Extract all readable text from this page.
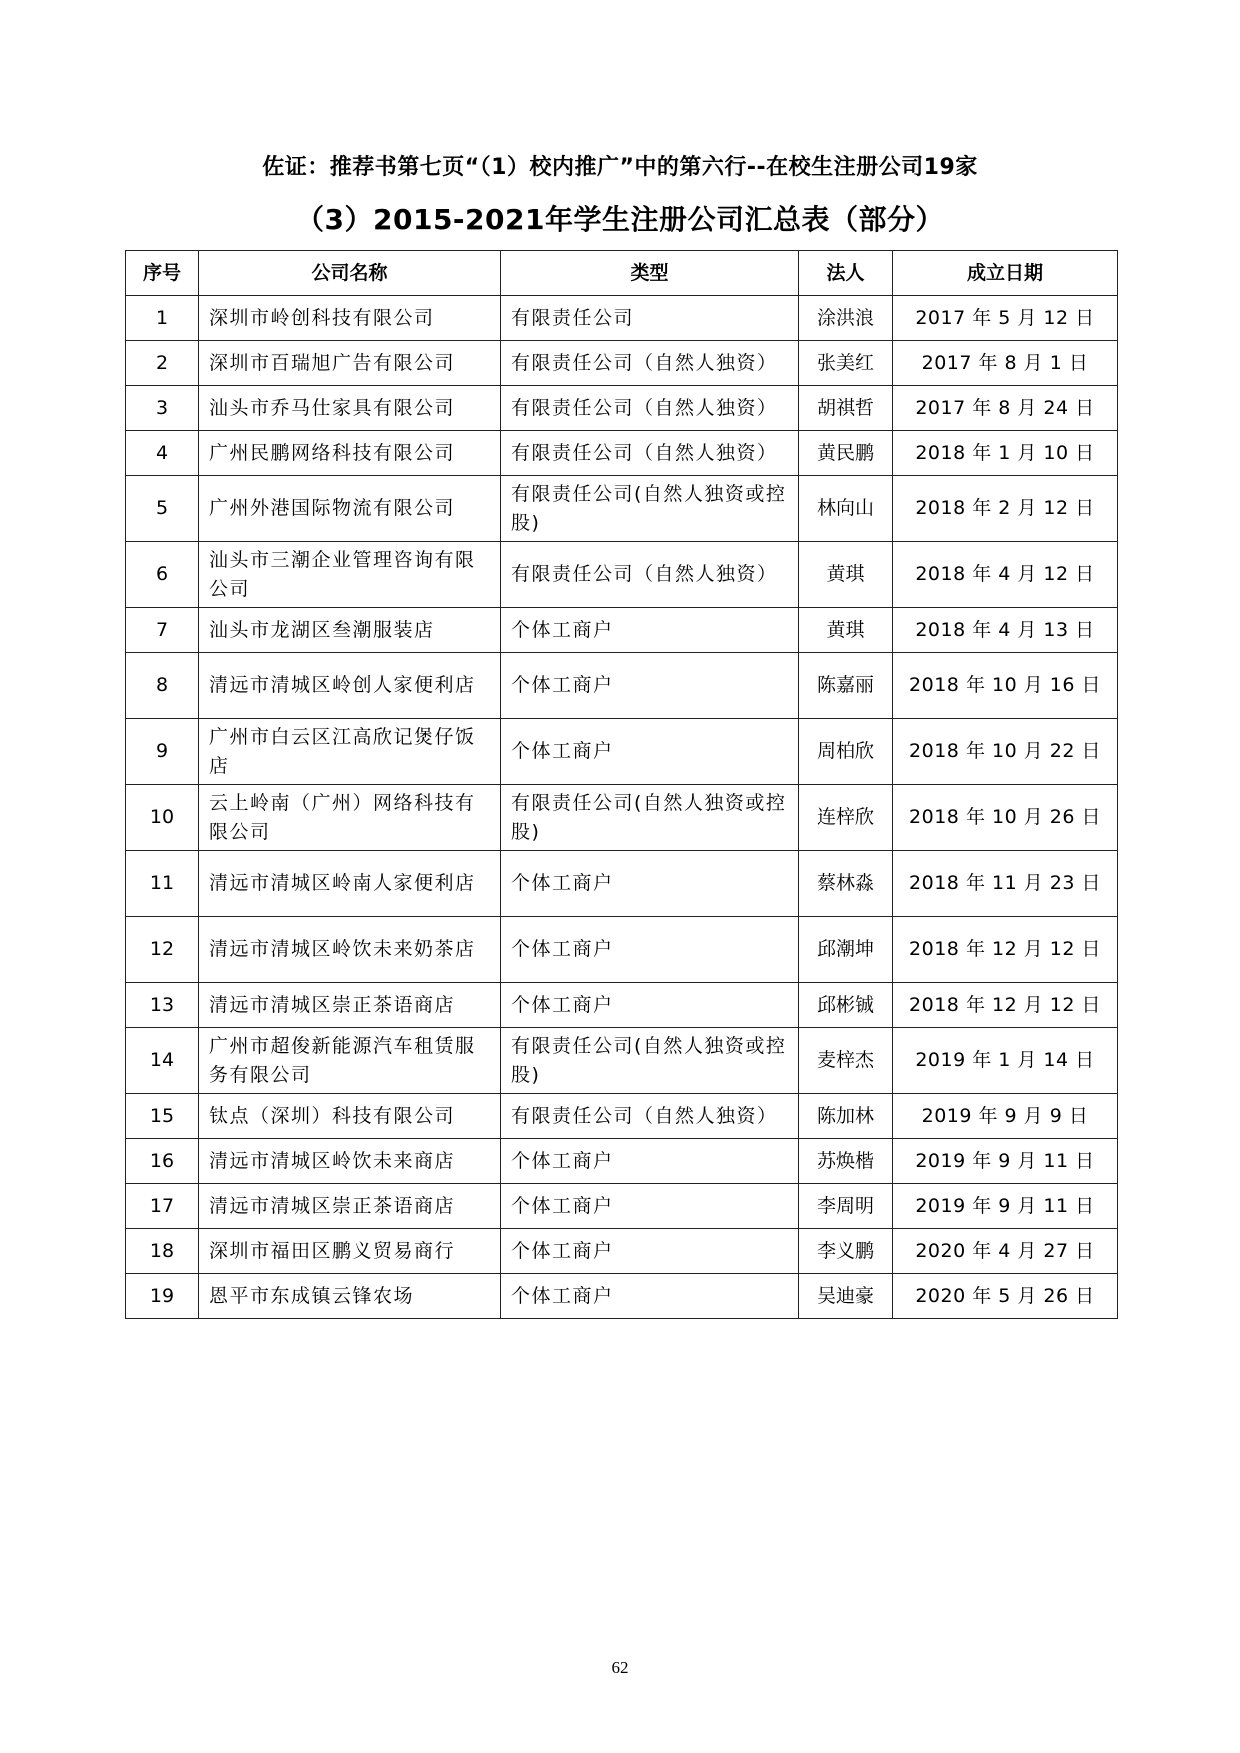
佐证：推荐书第七页“（1）校内推广”中的第六行--在校生注册公司19家
（3）2015-2021年学生注册公司汇总表（部分）
序号	公司名称	类型	法人	成立日期
1	深圳市岭创科技有限公司	有限责任公司	涂洪浪	2017 年 5 月 12 日
2	深圳市百瑞旭广告有限公司	有限责任公司（自然人独资）	张美红	2017 年 8 月 1 日
3	汕头市乔马仕家具有限公司	有限责任公司（自然人独资）	胡祺哲	2017 年 8 月 24 日
4	广州民鹏网络科技有限公司	有限责任公司（自然人独资）	黄民鹏	2018 年 1 月 10 日
5	广州外港国际物流有限公司	有限责任公司(自然人独资或控股)	林向山	2018 年 2 月 12 日
6	汕头市三潮企业管理咨询有限公司	有限责任公司（自然人独资）	黄琪	2018 年 4 月 12 日
7	汕头市龙湖区叁潮服装店	个体工商户	黄琪	2018 年 4 月 13 日
8	清远市清城区岭创人家便利店	个体工商户	陈嘉丽	2018 年 10 月 16 日
9	广州市白云区江高欣记煲仔饭店	个体工商户	周柏欣	2018 年 10 月 22 日
10	云上岭南（广州）网络科技有限公司	有限责任公司(自然人独资或控股)	连梓欣	2018 年 10 月 26 日
11	清远市清城区岭南人家便利店	个体工商户	蔡林淼	2018 年 11 月 23 日
12	清远市清城区岭饮未来奶茶店	个体工商户	邱潮坤	2018 年 12 月 12 日
13	清远市清城区崇正茶语商店	个体工商户	邱彬铖	2018 年 12 月 12 日
14	广州市超俊新能源汽车租赁服务有限公司	有限责任公司(自然人独资或控股)	麦梓杰	2019 年 1 月 14 日
15	钛点（深圳）科技有限公司	有限责任公司（自然人独资）	陈加林	2019 年 9 月 9 日
16	清远市清城区岭饮未来商店	个体工商户	苏焕楷	2019 年 9 月 11 日
17	清远市清城区崇正茶语商店	个体工商户	李周明	2019 年 9 月 11 日
18	深圳市福田区鹏义贸易商行	个体工商户	李义鹏	2020 年 4 月 27 日
19	恩平市东成镇云锋农场	个体工商户	吴迪豪	2020 年 5 月 26 日
62
